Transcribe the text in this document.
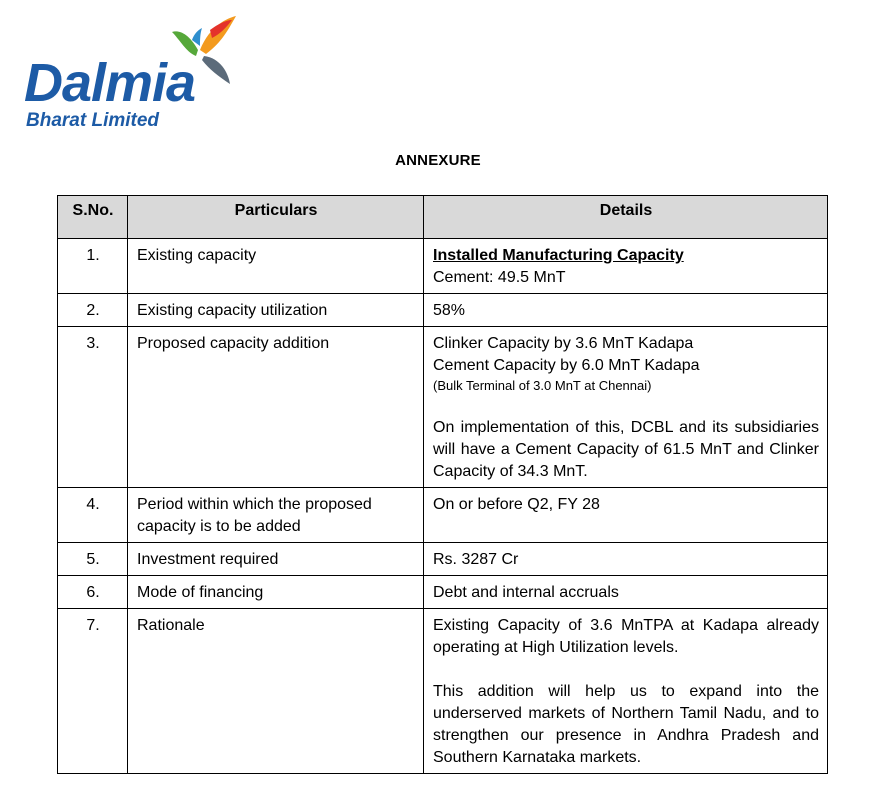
Dalmia
Bharat Limited
ANNEXURE
S.No.	Particulars	Details
1.	Existing capacity	Installed Manufacturing Capacity
Cement: 49.5 MnT

2.	Existing capacity utilization	58%
3.	Proposed capacity addition	Clinker Capacity by 3.6 MnT Kadapa
Cement Capacity by 6.0 MnT Kadapa
(Bulk Terminal of 3.0 MnT at Chennai)
On implementation of this, DCBL and its subsidiaries will have a Cement Capacity of 61.5 MnT and Clinker Capacity of 34.3 MnT.

4.	Period within which the proposed capacity is to be added	On or before Q2, FY 28
5.	Investment required	Rs. 3287 Cr
6.	Mode of financing	Debt and internal accruals
7.	Rationale	Existing Capacity of 3.6 MnTPA at Kadapa already operating at High Utilization levels.
This addition will help us to expand into the underserved markets of Northern Tamil Nadu, and to strengthen our presence in Andhra Pradesh and Southern Karnataka markets.
